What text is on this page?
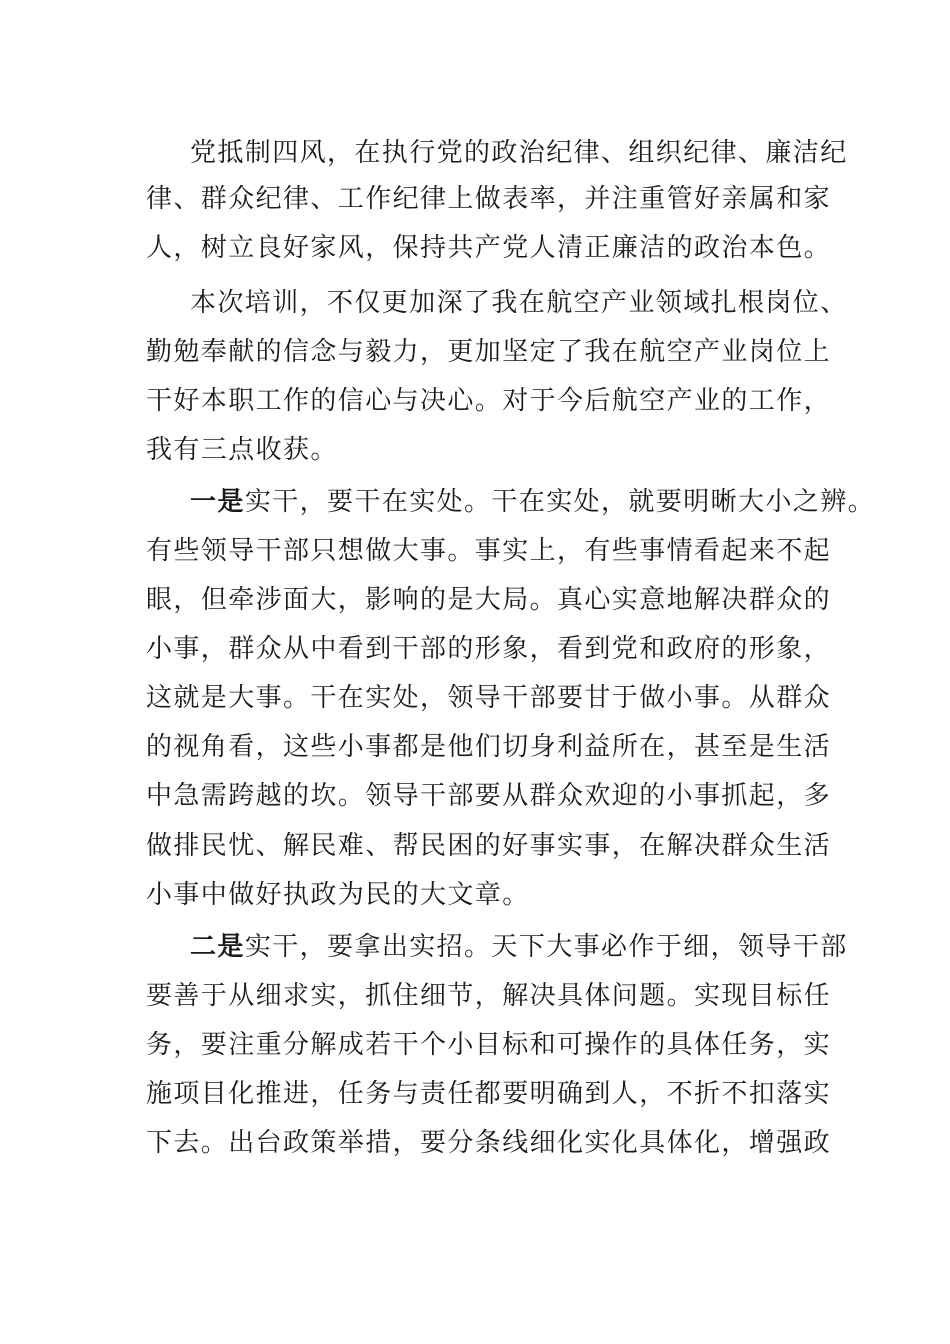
党抵制四风，在执行党的政治纪律、组织纪律、廉洁纪
律、群众纪律、工作纪律上做表率，并注重管好亲属和家
人，树立良好家风，保持共产党人清正廉洁的政治本色。
本次培训，不仅更加深了我在航空产业领域扎根岗位、
勤勉奉献的信念与毅力，更加坚定了我在航空产业岗位上
干好本职工作的信心与决心。对于今后航空产业的工作，
我有三点收获。
一是实干，要干在实处。干在实处，就要明晰大小之辨。
有些领导干部只想做大事。事实上，有些事情看起来不起
眼，但牵涉面大，影响的是大局。真心实意地解决群众的
小事，群众从中看到干部的形象，看到党和政府的形象，
这就是大事。干在实处，领导干部要甘于做小事。从群众
的视角看，这些小事都是他们切身利益所在，甚至是生活
中急需跨越的坎。领导干部要从群众欢迎的小事抓起，多
做排民忧、解民难、帮民困的好事实事，在解决群众生活
小事中做好执政为民的大文章。
二是实干，要拿出实招。天下大事必作于细，领导干部
要善于从细求实，抓住细节，解决具体问题。实现目标任
务，要注重分解成若干个小目标和可操作的具体任务，实
施项目化推进，任务与责任都要明确到人，不折不扣落实
下去。出台政策举措，要分条线细化实化具体化，增强政
